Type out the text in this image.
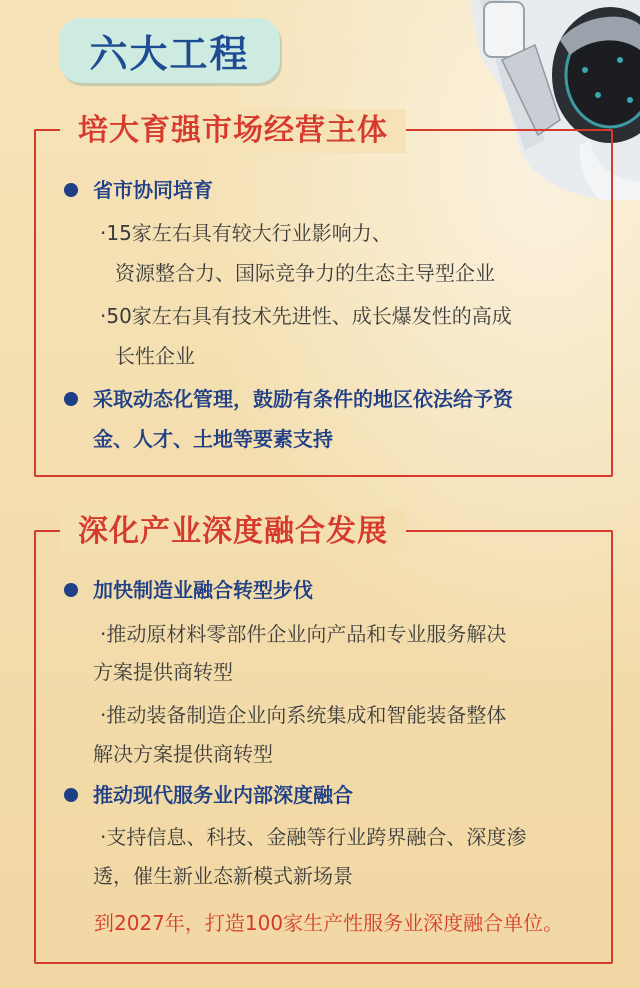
六大工程
培大育强市场经营主体
省市协同培育
·15家左右具有较大行业影响力、
资源整合力、国际竞争力的生态主导型企业
·50家左右具有技术先进性、成长爆发性的高成
长性企业
采取动态化管理，鼓励有条件的地区依法给予资
金、人才、土地等要素支持
深化产业深度融合发展
加快制造业融合转型步伐
·推动原材料零部件企业向产品和专业服务解决
方案提供商转型
·推动装备制造企业向系统集成和智能装备整体
解决方案提供商转型
推动现代服务业内部深度融合
·支持信息、科技、金融等行业跨界融合、深度渗
透，催生新业态新模式新场景
到2027年，打造100家生产性服务业深度融合单位。
